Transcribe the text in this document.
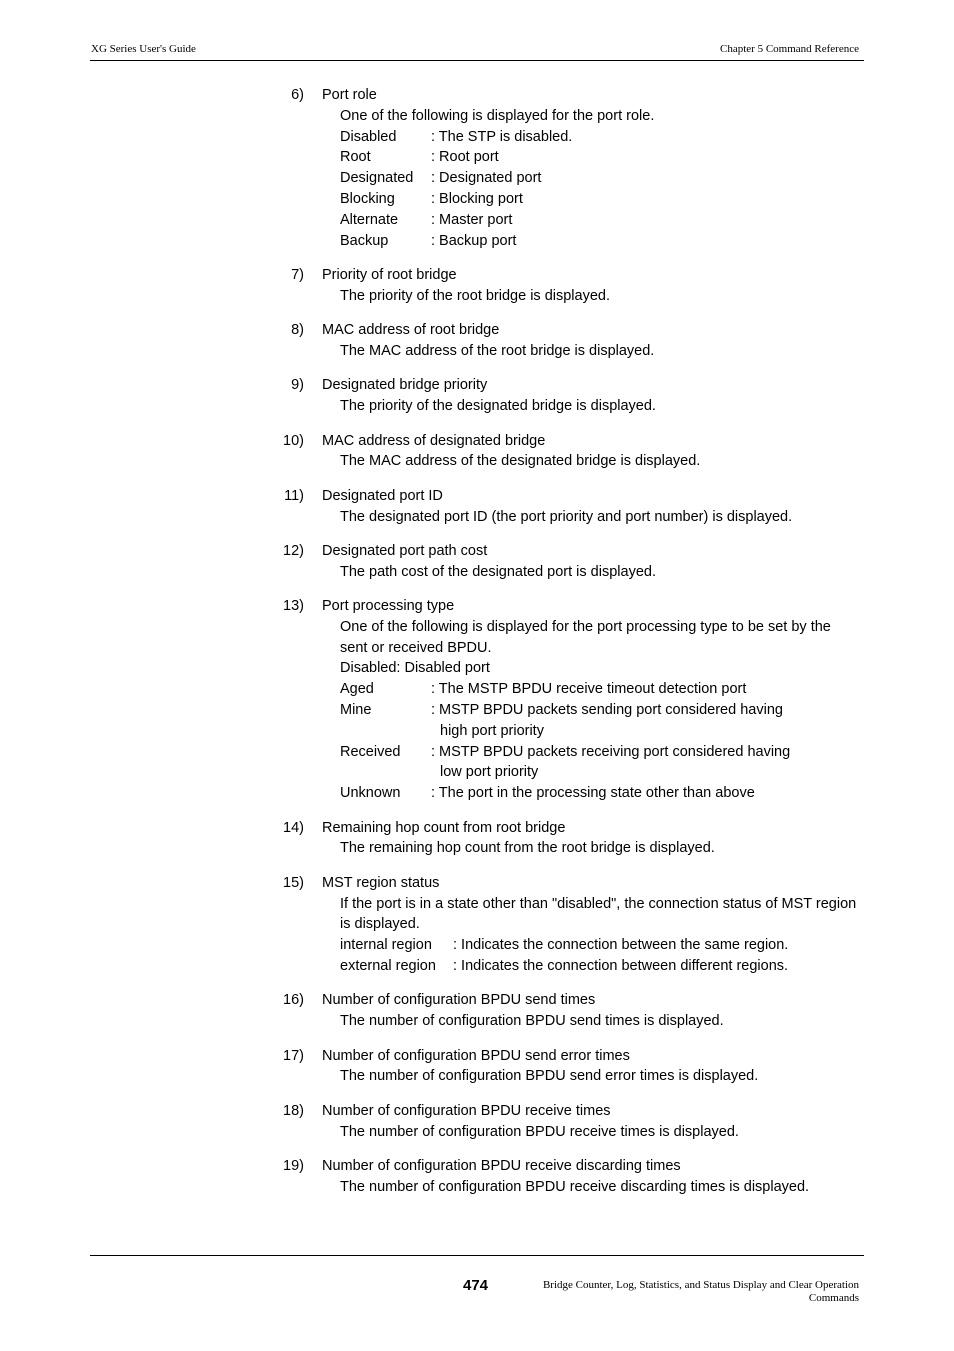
XG Series User's Guide	Chapter 5 Command Reference
6) Port role
One of the following is displayed for the port role.
Disabled	: The STP is disabled.
Root	: Root port
Designated	: Designated port
Blocking	: Blocking port
Alternate	: Master port
Backup	: Backup port
7) Priority of root bridge
The priority of the root bridge is displayed.
8) MAC address of root bridge
The MAC address of the root bridge is displayed.
9) Designated bridge priority
The priority of the designated bridge is displayed.
10) MAC address of designated bridge
The MAC address of the designated bridge is displayed.
11) Designated port ID
The designated port ID (the port priority and port number) is displayed.
12) Designated port path cost
The path cost of the designated port is displayed.
13) Port processing type
One of the following is displayed for the port processing type to be set by the sent or received BPDU.
Disabled: Disabled port
Aged	: The MSTP BPDU receive timeout detection port
Mine	: MSTP BPDU packets sending port considered having
high port priority
Received	: MSTP BPDU packets receiving port considered having
low port priority
Unknown	: The port in the processing state other than above
14) Remaining hop count from root bridge
The remaining hop count from the root bridge is displayed.
15) MST region status
If the port is in a state other than "disabled", the connection status of MST region is displayed.
internal region	: Indicates the connection between the same region.
external region	: Indicates the connection between different regions.
16) Number of configuration BPDU send times
The number of configuration BPDU send times is displayed.
17) Number of configuration BPDU send error times
The number of configuration BPDU send error times is displayed.
18) Number of configuration BPDU receive times
The number of configuration BPDU receive times is displayed.
19) Number of configuration BPDU receive discarding times
The number of configuration BPDU receive discarding times is displayed.
474	Bridge Counter, Log, Statistics, and Status Display and Clear Operation
Commands
